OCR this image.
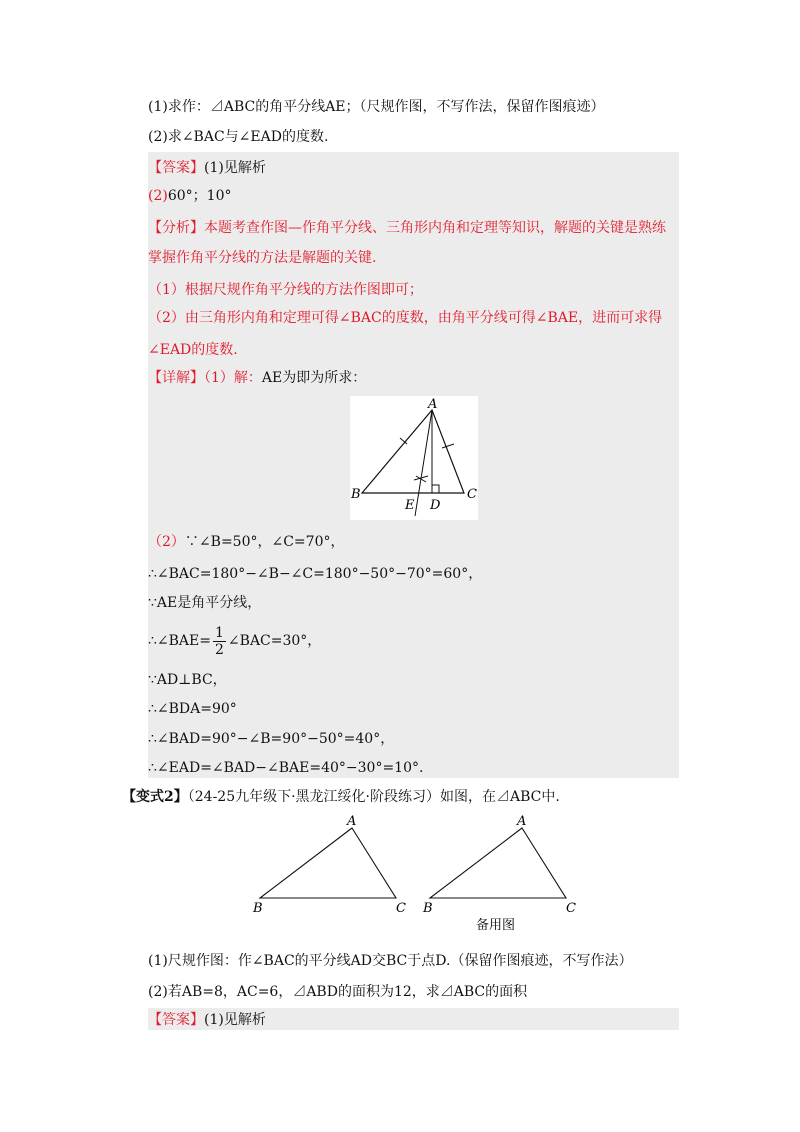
(1)求作：⊿ABC的角平分线AE；（尺规作图，不写作法，保留作图痕迹）
(2)求∠BAC与∠EAD的度数.
【答案】(1)见解析
(2)60°；10°
【分析】本题考查作图—作角平分线、三角形内角和定理等知识，解题的关键是熟练
掌握作角平分线的方法是解题的关键.
（1）根据尺规作角平分线的方法作图即可；
（2）由三角形内角和定理可得∠BAC的度数，由角平分线可得∠BAE，进而可求得
∠EAD的度数.
【详解】（1）解：AE为即为所求：
A
B	C
D
E
（2）∵∠B=50°，∠C=70°，
∴∠BAC=180°−∠B−∠C=180°−50°−70°=60°，
∵AE是角平分线，
∴∠BAE= $\frac{1}{2}$ ∠BAC=30°，
∵AD⊥BC，
∴∠BDA=90°
∴∠BAD=90°−∠B=90°−50°=40°，
∴∠EAD=∠BAD−∠BAE=40°−30°=10°.
【变式2】（24-25九年级下·黑龙江绥化·阶段练习）如图，在⊿ABC中.
A
B	C
A
B	C
备用图
(1)尺规作图：作∠BAC的平分线AD交BC于点D.（保留作图痕迹，不写作法）
(2)若AB=8，AC=6，⊿ABD的面积为12，求⊿ABC的面积
【答案】(1)见解析
